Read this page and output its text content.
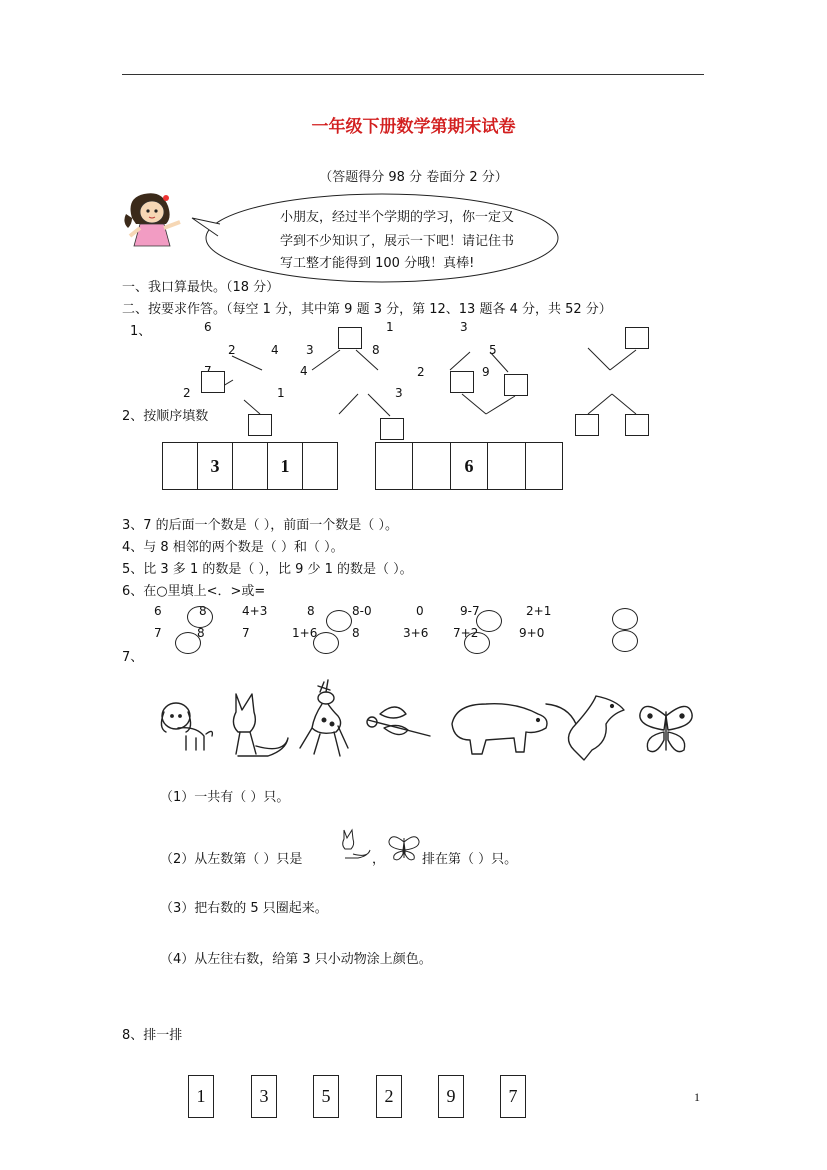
一年级下册数学第期末试卷
（答题得分 98 分 卷面分 2 分）
小朋友，经过半个学期的学习，你一定又
学到不少知识了，展示一下吧！请记住书
写工整才能得到 100 分哦！真棒!
一、我口算最快。（18 分）
二、按要求作答。（每空 1 分，其中第 9 题 3 分，第 12、13 题各 4 分，共 52 分）
1、	6
2	4 3
4
2	1
8
1	3
5
2	9
3
2、按顺序填数
3	1	6
3、7 的后面一个数是（ ），前面一个数是（ ）。
4、与 8 相邻的两个数是（ ）和（ ）。
5、比 3 多 1 的数是（ ），比 9 少 1 的数是（ ）。
6、在○里填上<．>或=
6	8	4+3	8	8-0	0	9-7	2+1
7	8	7	1+6	8	3+6 7+2	9+0
7、
（1）一共有（ ）只。
（2）从左数第（ ）只是	，	排在第（ ）只。
（3）把右数的 5 只圈起来。
（4）从左往右数，给第 3 只小动物涂上颜色。
8、排一排
1	3	5	2	9	7	1
